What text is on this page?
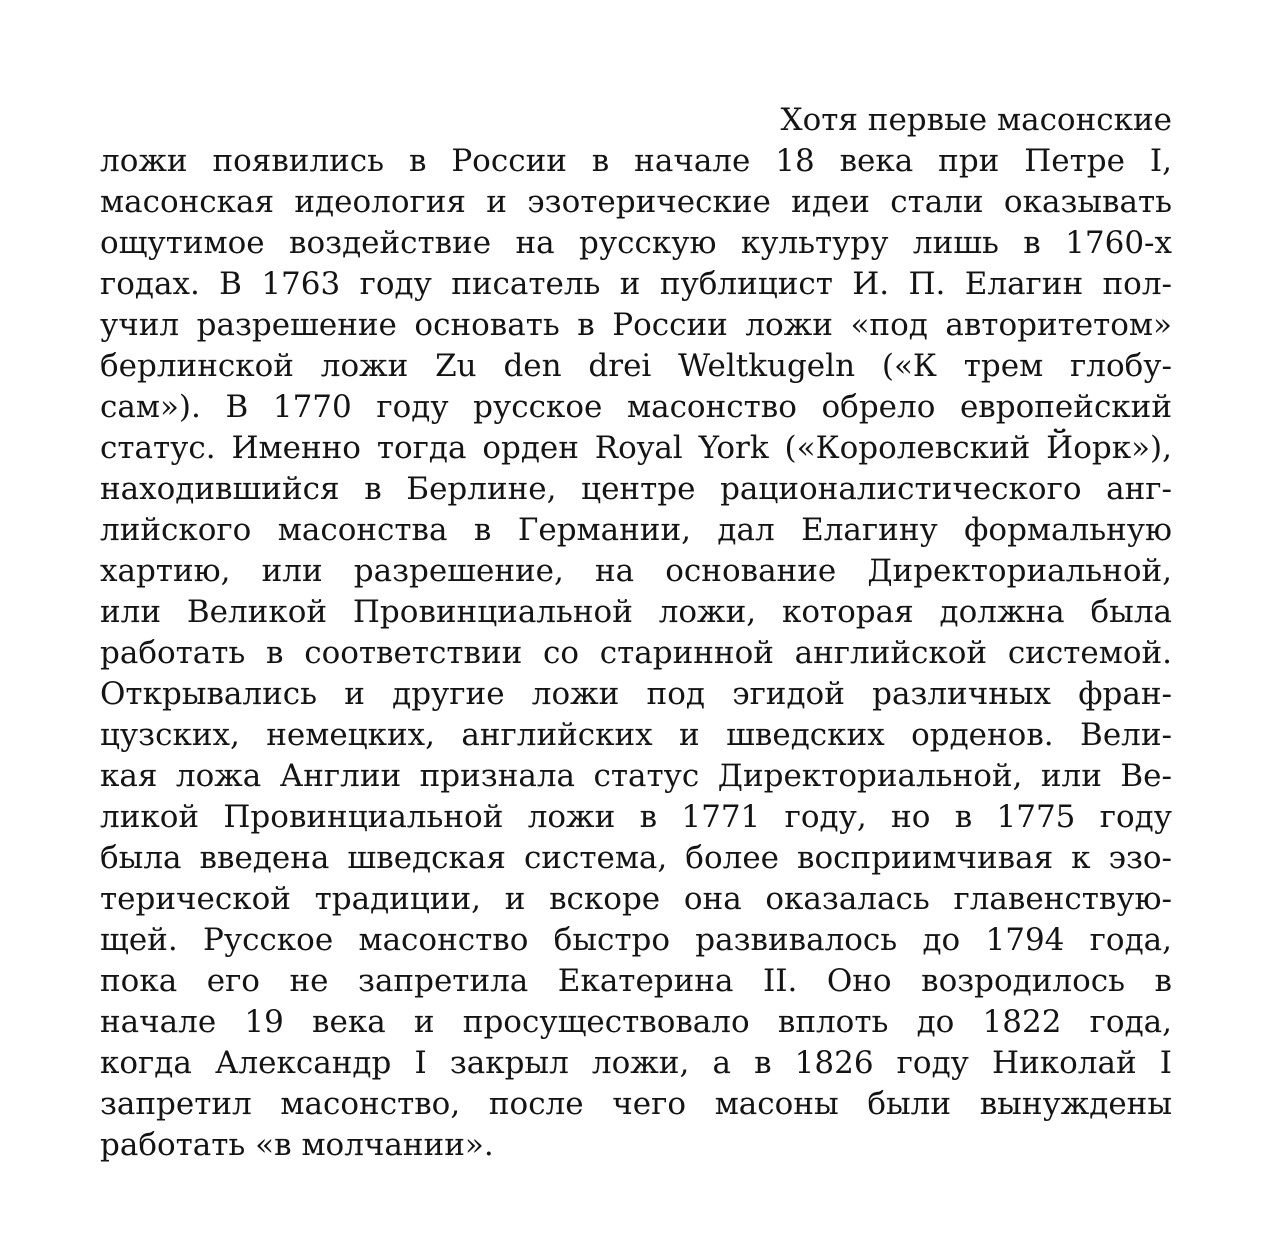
Хотя первые масонские
ложи появились в России в начале 18 века при Петре I,
масонская идеология и эзотерические идеи стали оказывать
ощутимое воздействие на русскую культуру лишь в 1760-х
годах. В 1763 году писатель и публицист И. П. Елагин пол-
учил разрешение основать в России ложи «под авторитетом»
берлинской ложи Zu den drei Weltkugeln («К трем глобу-
сам»). В 1770 году русское масонство обрело европейский
статус. Именно тогда орден Royal York («Королевский Йорк»),
находившийся в Берлине, центре рационалистического анг-
лийского масонства в Германии, дал Елагину формальную
хартию, или разрешение, на основание Директориальной,
или Великой Провинциальной ложи, которая должна была
работать в соответствии со старинной английской системой.
Открывались и другие ложи под эгидой различных фран-
цузских, немецких, английских и шведских орденов. Вели-
кая ложа Англии признала статус Директориальной, или Ве-
ликой Провинциальной ложи в 1771 году, но в 1775 году
была введена шведская система, более восприимчивая к эзо-
терической традиции, и вскоре она оказалась главенствую-
щей. Русское масонство быстро развивалось до 1794 года,
пока его не запретила Екатерина II. Оно возродилось в
начале 19 века и просуществовало вплоть до 1822 года,
когда Александр I закрыл ложи, а в 1826 году Николай I
запретил масонство, после чего масоны были вынуждены
работать «в молчании».
